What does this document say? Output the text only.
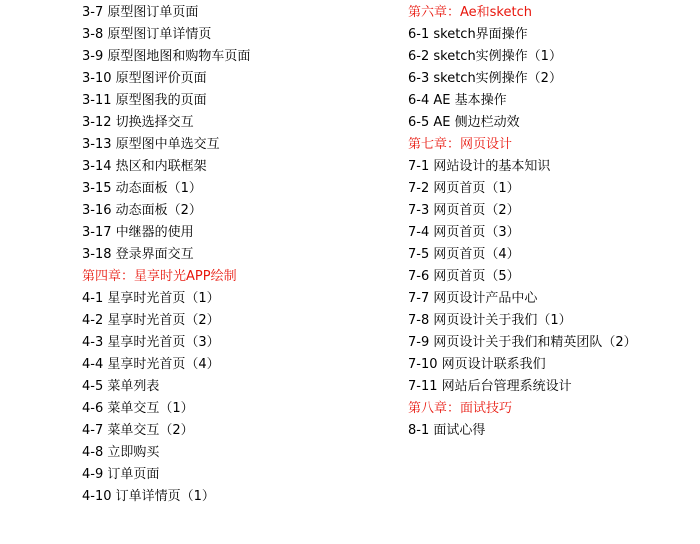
3-7 原型图订单页面
3-8 原型图订单详情页
3-9 原型图地图和购物车页面
3-10 原型图评价页面
3-11 原型图我的页面
3-12 切换选择交互
3-13 原型图中单选交互
3-14 热区和内联框架
3-15 动态面板（1）
3-16 动态面板（2）
3-17 中继器的使用
3-18 登录界面交互
第四章：星享时光APP绘制
4-1 星享时光首页（1）
4-2 星享时光首页（2）
4-3 星享时光首页（3）
4-4 星享时光首页（4）
4-5 菜单列表
4-6 菜单交互（1）
4-7 菜单交互（2）
4-8 立即购买
4-9 订单页面
4-10 订单详情页（1）
第六章：Ae和sketch
6-1 sketch界面操作
6-2 sketch实例操作（1）
6-3 sketch实例操作（2）
6-4 AE 基本操作
6-5 AE 侧边栏动效
第七章：网页设计
7-1 网站设计的基本知识
7-2 网页首页（1）
7-3 网页首页（2）
7-4 网页首页（3）
7-5 网页首页（4）
7-6 网页首页（5）
7-7 网页设计产品中心
7-8 网页设计关于我们（1）
7-9 网页设计关于我们和精英团队（2）
7-10 网页设计联系我们
7-11 网站后台管理系统设计
第八章：面试技巧
8-1 面试心得
